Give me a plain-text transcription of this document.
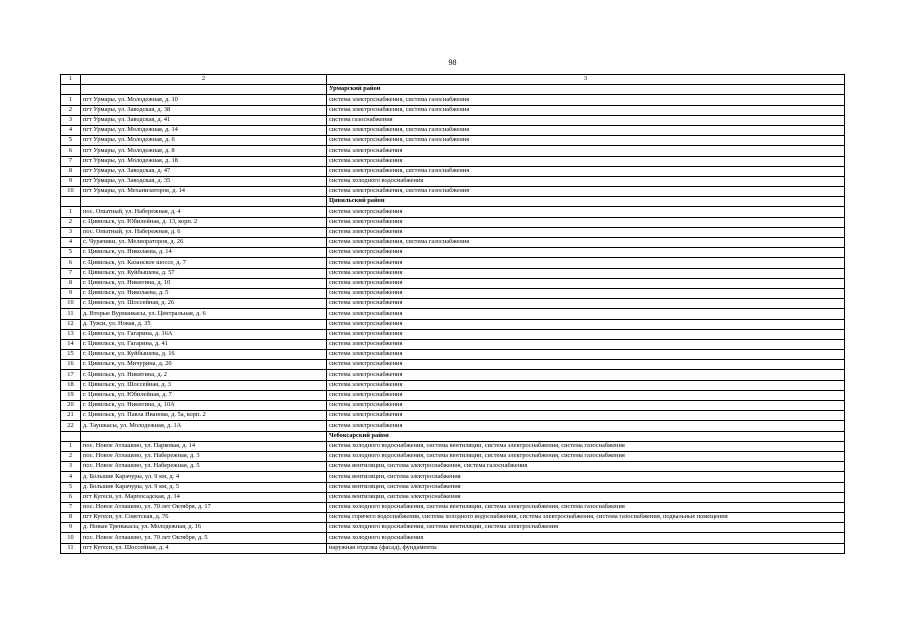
98
1	2	3
		Урмарский район
1	пгт Урмары, ул. Молодежная, д. 10	система электроснабжения, система газоснабжения
2	пгт Урмары, ул. Заводская, д. 38	система электроснабжения, система газоснабжения
3	пгт Урмары, ул. Заводская, д. 41	система газоснабжения
4	пгт Урмары, ул. Молодежная, д. 14	система электроснабжения, система газоснабжения
5	пгт Урмары, ул. Молодежная, д. 6	система электроснабжения, система газоснабжения
6	пгт Урмары, ул. Молодежная, д. 8	система электроснабжения
7	пгт Урмары, ул. Молодежная, д. 18	система электроснабжения
8	пгт Урмары, ул. Заводская, д. 47	система электроснабжения, система газоснабжения
9	пгт Урмары, ул. Заводская, д. 35	система холодного водоснабжения
10	пгт Урмары, ул. Механизаторов, д. 14	система электроснабжения, система газоснабжения
		Цивильский район
1	пос. Опытный, ул. Набережная, д. 4	система электроснабжения
2	г. Цивильск, ул. Юбилейная, д. 13, корп. 2	система электроснабжения
3	пос. Опытный, ул. Набережная, д. 6	система электроснабжения
4	с. Чурачики, ул. Мелиораторов, д. 26	система электроснабжения, система газоснабжения
5	г. Цивильск, ул. Николаева, д. 14	система электроснабжения
6	г. Цивильск, ул. Казанское шоссе, д. 7	система электроснабжения
7	г. Цивильск, ул. Куйбышева, д. 57	система электроснабжения
8	г. Цивильск, ул. Никитина, д. 10	система электроснабжения
9	г. Цивильск, ул. Николаева, д. 5	система электроснабжения
10	г. Цивильск, ул. Шоссейная, д. 26	система электроснабжения
11	д. Вторые Вурманкасы, ул. Центральная, д. 6	система электроснабжения
12	д. Тувси, ул. Новая, д. 35	система электроснабжения
13	г. Цивильск, ул. Гагарина, д. 16А	система электроснабжения
14	г. Цивильск, ул. Гагарина, д. 41	система электроснабжения
15	г. Цивильск, ул. Куйбышева, д. 16	система электроснабжения
16	г. Цивильск, ул. Мичурина, д. 20	система электроснабжения
17	г. Цивильск, ул. Никитина, д. 2	система электроснабжения
18	г. Цивильск, ул. Шоссейная, д. 3	система электроснабжения
19	г. Цивильск, ул. Юбилейная, д. 7	система электроснабжения
20	г. Цивильск, ул. Никитина, д. 10А	система электроснабжения
21	г. Цивильск, ул. Павла Иванова, д. 5а, корп. 2	система электроснабжения
22	д. Таушкасы, ул. Молодежная, д. 1А	система электроснабжения
		Чебоксарский район
1	пос. Новое Атлашево, ул. Парковая, д. 14	система холодного водоснабжения, система вентиляции, система электроснабжения, система газоснабжения
2	пос. Новое Атлашево, ул. Набережная, д. 3	система холодного водоснабжения, система вентиляции, система электроснабжения, система газоснабжения
3	пос. Новое Атлашево, ул. Набережная, д. 5	система вентиляции, система электроснабжения, система газоснабжения
4	д. Большие Карачуры, ул. 9 км, д. 4	система вентиляции, система электроснабжения
5	д. Большие Карачуры, ул. 9 км, д. 5	система вентиляции, система электроснабжения
6	пгт Кугеси, ул. Марпосадская, д. 14	система вентиляции, система электроснабжения
7	пос. Новое Атлашево, ул. 70 лет Октября, д. 17	система холодного водоснабжения, система вентиляции, система электроснабжения, система газоснабжения
8	пгт Кугеси, ул. Советская, д. 76	система горячего водоснабжения, система холодного водоснабжения, система электроснабжения, система газоснабжения, подвальные помещения
9	д. Новые Тренькасы, ул. Молодежная, д. 16	система холодного водоснабжения, система вентиляции, система электроснабжения
10	пос. Новое Атлашево, ул. 70 лет Октября, д. 5	система холодного водоснабжения
11	пгт Кугеси, ул. Шоссейная, д. 4	наружная отделка (фасад), фундаменты
